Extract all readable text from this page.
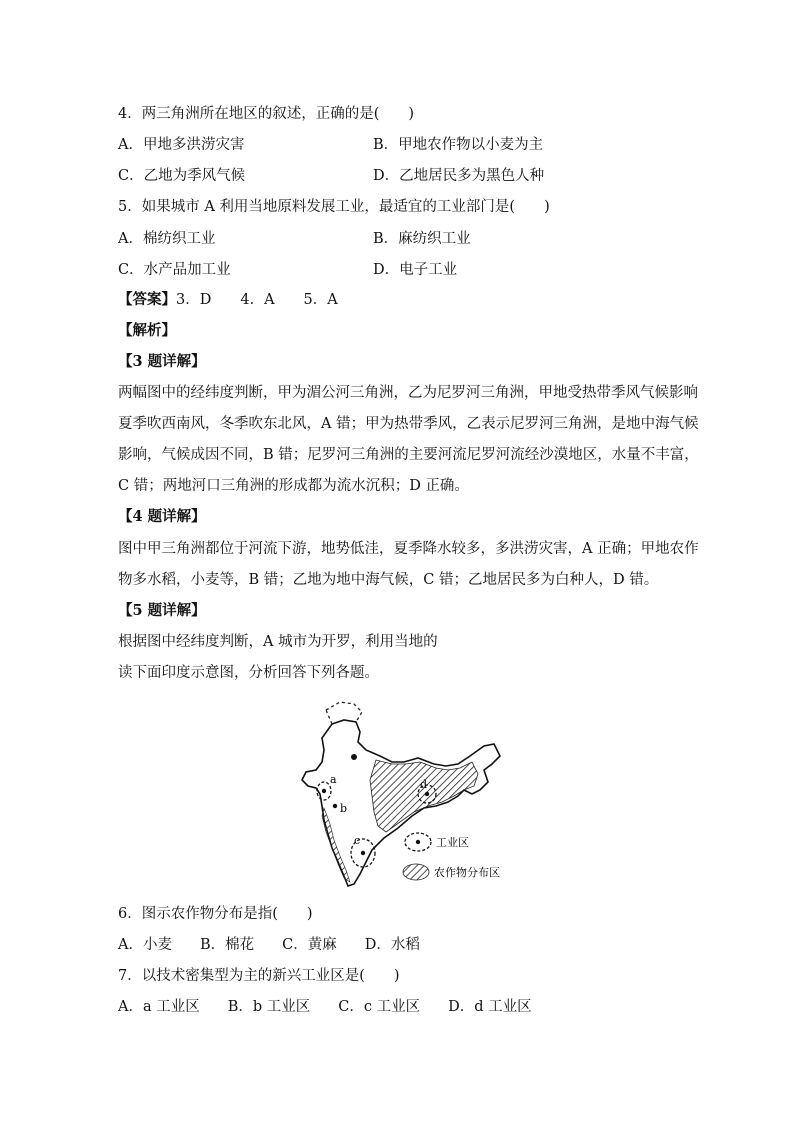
4．两三角洲所在地区的叙述，正确的是(　　)
A．甲地多洪涝灾害	B．甲地农作物以小麦为主
C．乙地为季风气候	D．乙地居民多为黑色人种
5．如果城市 A 利用当地原料发展工业，最适宜的工业部门是(　　)
A．棉纺织工业	B．麻纺织工业
C．水产品加工业	D．电子工业
【答案】3．D　　4．A　　5．A
【解析】
【3 题详解】
两幅图中的经纬度判断，甲为湄公河三角洲，乙为尼罗河三角洲，甲地受热带季风气候影响
夏季吹西南风，冬季吹东北风，A 错；甲为热带季风，乙表示尼罗河三角洲，是地中海气候
影响，气候成因不同，B 错；尼罗河三角洲的主要河流尼罗河流经沙漠地区，水量不丰富，
C 错；两地河口三角洲的形成都为流水沉积；D 正确。
【4 题详解】
图中甲三角洲都位于河流下游，地势低洼，夏季降水较多，多洪涝灾害，A 正确；甲地农作
物多水稻，小麦等，B 错；乙地为地中海气候，C 错；乙地居民多为白种人，D 错。
【5 题详解】
根据图中经纬度判断，A 城市为开罗，利用当地的
读下面印度示意图，分析回答下列各题。
a
b
c
d
工业区
农作物分布区
6．图示农作物分布是指(　　)
A．小麦 B．棉花 C．黄麻 D．水稻
7．以技术密集型为主的新兴工业区是(　　)
A．a 工业区 B．b 工业区 C．c 工业区 D．d 工业区
